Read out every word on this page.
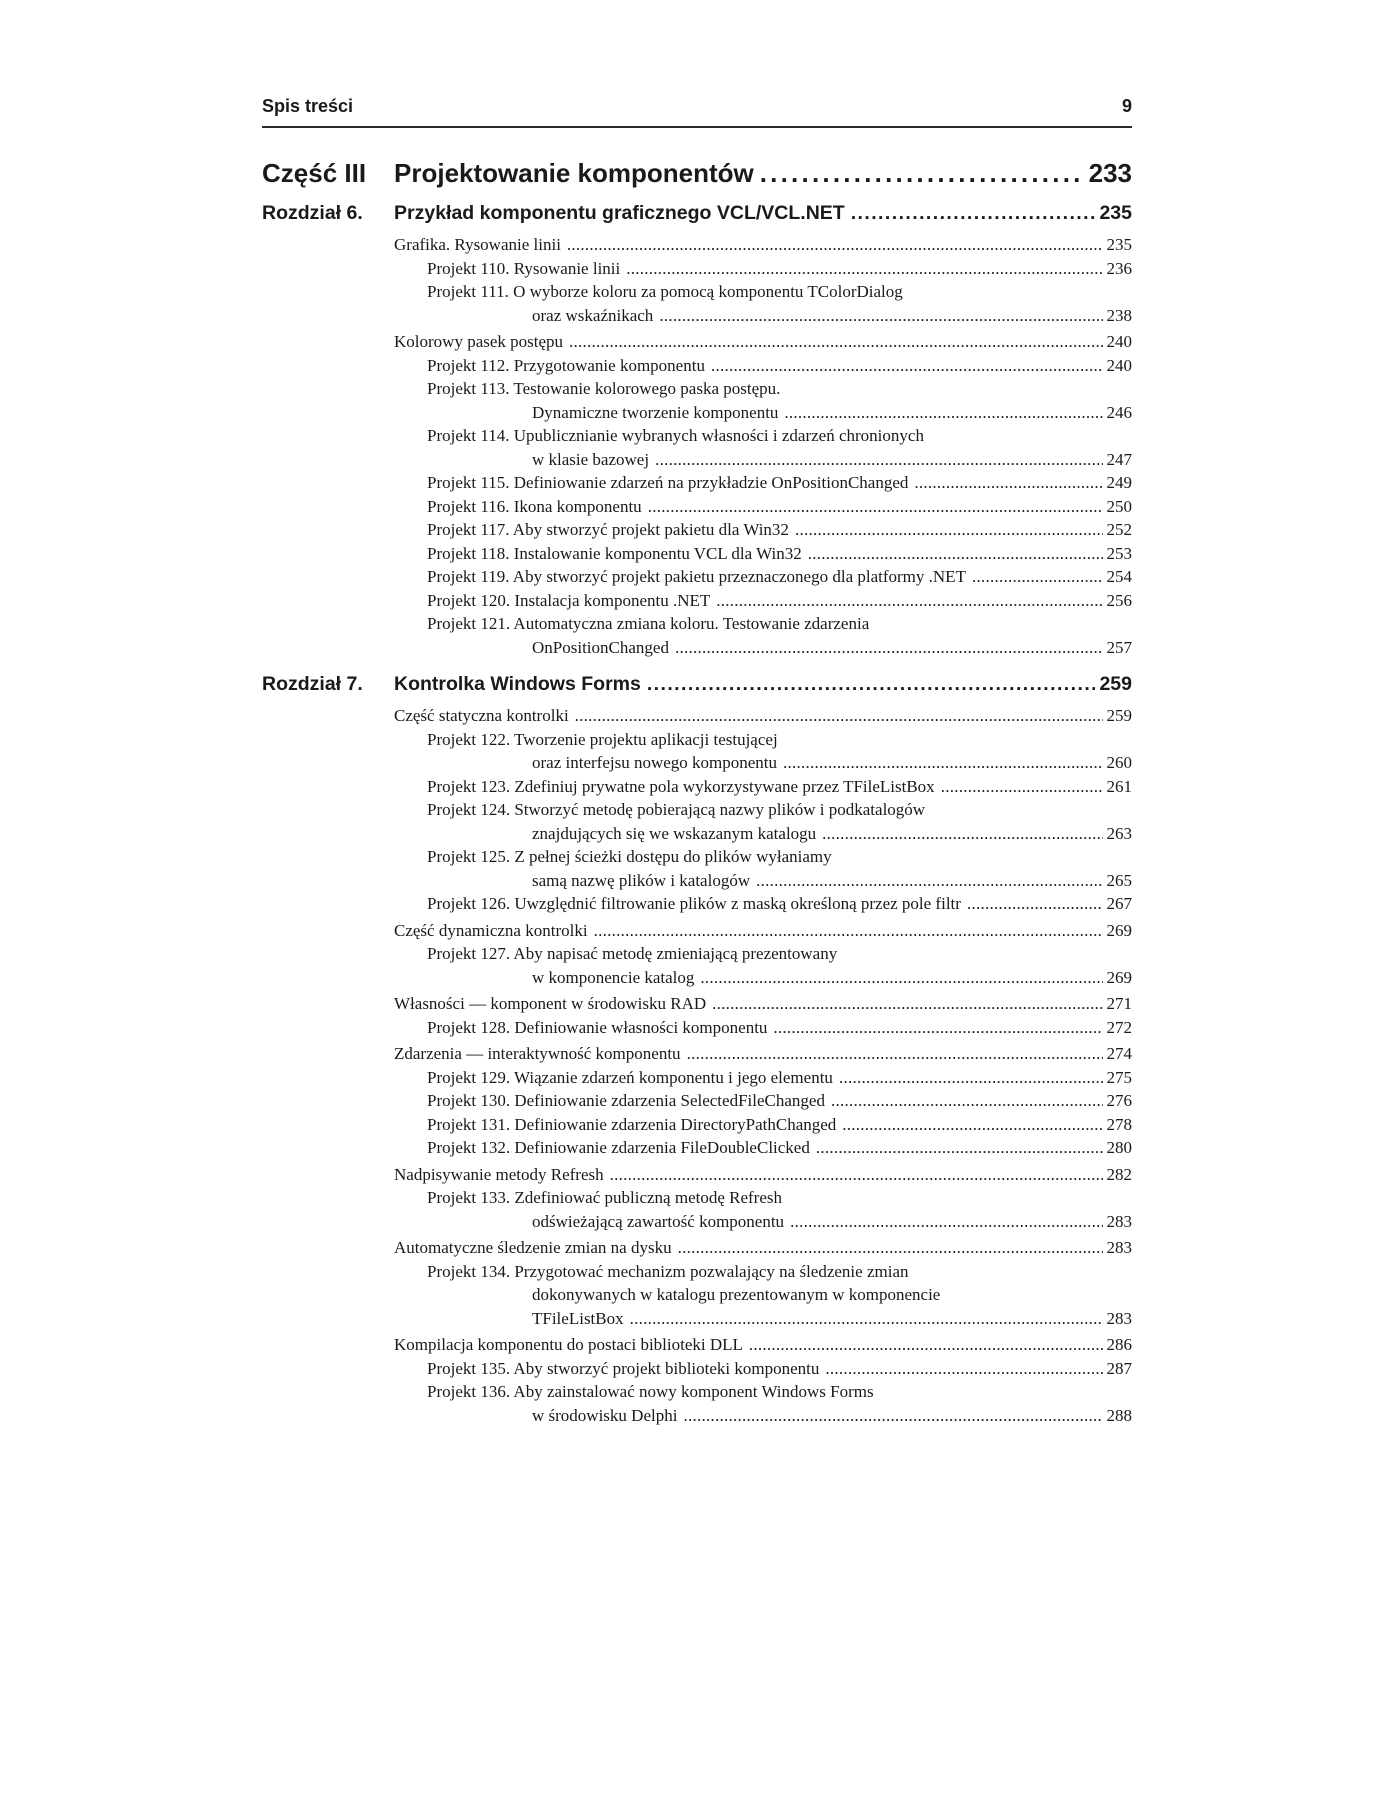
Spis treści	9
Część III	Projektowanie komponentów . . .	233
Rozdział 6.	Przykład komponentu graficznego VCL/VCL.NET . . .	235
Grafika. Rysowanie linii . . .	235
Projekt 110. Rysowanie linii . . .	236
Projekt 111. O wyborze koloru za pomocą komponentu TColorDialog
oraz wskaźnikach . . .	238
Kolorowy pasek postępu . . .	240
Projekt 112. Przygotowanie komponentu . . .	240
Projekt 113. Testowanie kolorowego paska postępu.
Dynamiczne tworzenie komponentu . . .	246
Projekt 114. Upublicznianie wybranych własności i zdarzeń chronionych
w klasie bazowej . . .	247
Projekt 115. Definiowanie zdarzeń na przykładzie OnPositionChanged . . .	249
Projekt 116. Ikona komponentu . . .	250
Projekt 117. Aby stworzyć projekt pakietu dla Win32 . . .	252
Projekt 118. Instalowanie komponentu VCL dla Win32 . . .	253
Projekt 119. Aby stworzyć projekt pakietu przeznaczonego dla platformy .NET . . .	254
Projekt 120. Instalacja komponentu .NET . . .	256
Projekt 121. Automatyczna zmiana koloru. Testowanie zdarzenia
OnPositionChanged . . .	257
Rozdział 7.	Kontrolka Windows Forms . . .	259
Część statyczna kontrolki . . .	259
Projekt 122. Tworzenie projektu aplikacji testującej
oraz interfejsu nowego komponentu . . .	260
Projekt 123. Zdefiniuj prywatne pola wykorzystywane przez TFileListBox . . .	261
Projekt 124. Stworzyć metodę pobierającą nazwy plików i podkatalogów
znajdujących się we wskazanym katalogu . . .	263
Projekt 125. Z pełnej ścieżki dostępu do plików wyłaniamy
samą nazwę plików i katalogów . . .	265
Projekt 126. Uwzględnić filtrowanie plików z maską określoną przez pole filtr . . .	267
Część dynamiczna kontrolki . . .	269
Projekt 127. Aby napisać metodę zmieniającą prezentowany
w komponencie katalog . . .	269
Własności — komponent w środowisku RAD . . .	271
Projekt 128. Definiowanie własności komponentu . . .	272
Zdarzenia — interaktywność komponentu . . .	274
Projekt 129. Wiązanie zdarzeń komponentu i jego elementu . . .	275
Projekt 130. Definiowanie zdarzenia SelectedFileChanged . . .	276
Projekt 131. Definiowanie zdarzenia DirectoryPathChanged . . .	278
Projekt 132. Definiowanie zdarzenia FileDoubleClicked . . .	280
Nadpisywanie metody Refresh . . .	282
Projekt 133. Zdefiniować publiczną metodę Refresh
odświeżającą zawartość komponentu . . .	283
Automatyczne śledzenie zmian na dysku . . .	283
Projekt 134. Przygotować mechanizm pozwalający na śledzenie zmian
dokonywanych w katalogu prezentowanym w komponencie
TFileListBox . . .	283
Kompilacja komponentu do postaci biblioteki DLL . . .	286
Projekt 135. Aby stworzyć projekt biblioteki komponentu . . .	287
Projekt 136. Aby zainstalować nowy komponent Windows Forms
w środowisku Delphi . . .	288
